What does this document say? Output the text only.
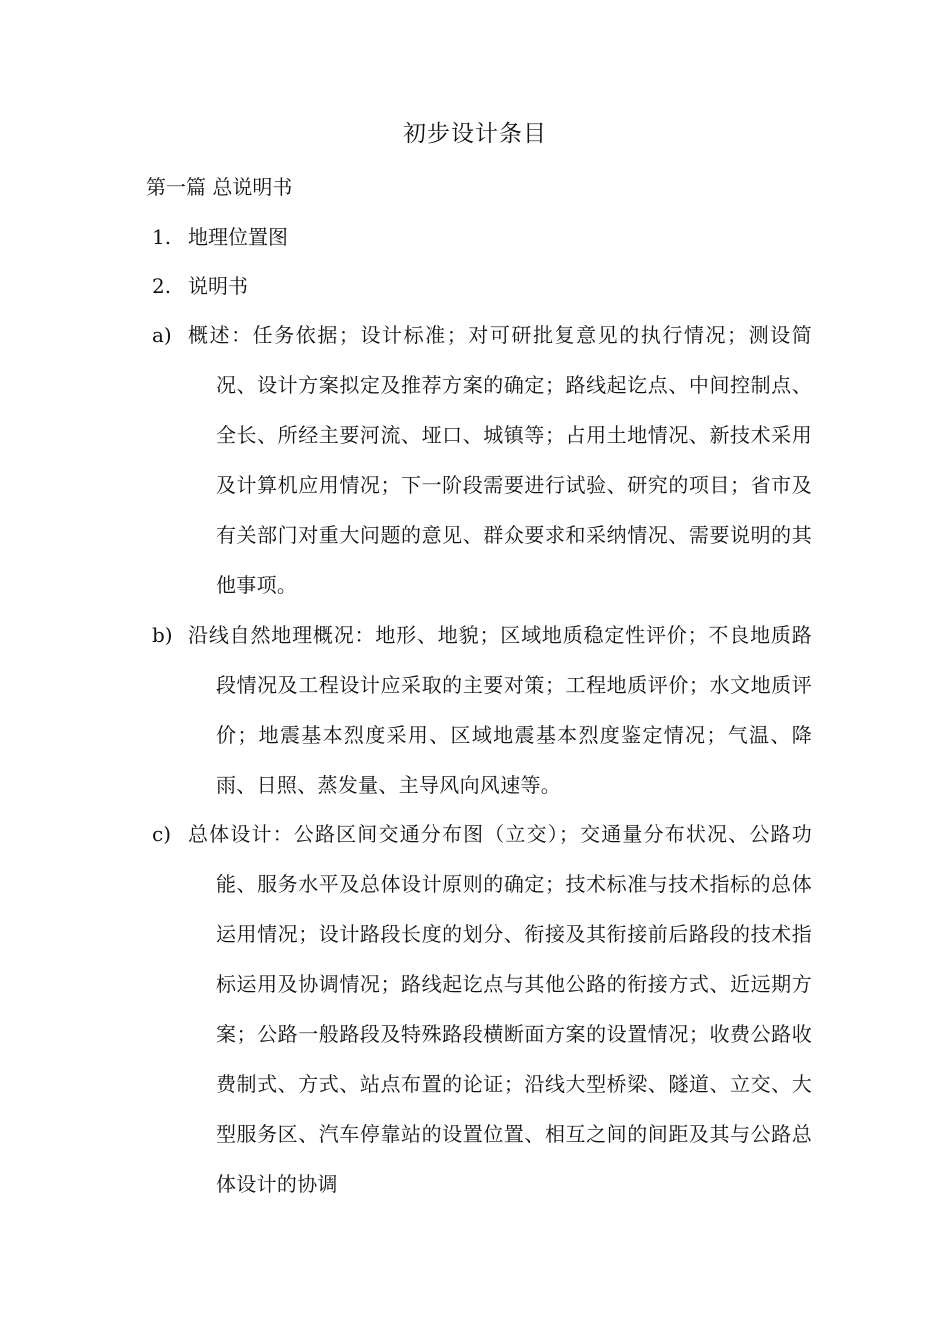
初步设计条目
第一篇 总说明书
1. 地理位置图
2. 说明书
a) 概述：任务依据；设计标准；对可研批复意见的执行情况；测设简况、设计方案拟定及推荐方案的确定；路线起讫点、中间控制点、全长、所经主要河流、垭口、城镇等；占用土地情况、新技术采用及计算机应用情况；下一阶段需要进行试验、研究的项目；省市及有关部门对重大问题的意见、群众要求和采纳情况、需要说明的其他事项。
b) 沿线自然地理概况：地形、地貌；区域地质稳定性评价；不良地质路段情况及工程设计应采取的主要对策；工程地质评价；水文地质评价；地震基本烈度采用、区域地震基本烈度鉴定情况；气温、降雨、日照、蒸发量、主导风向风速等。
c) 总体设计：公路区间交通分布图（立交）；交通量分布状况、公路功能、服务水平及总体设计原则的确定；技术标准与技术指标的总体运用情况；设计路段长度的划分、衔接及其衔接前后路段的技术指标运用及协调情况；路线起讫点与其他公路的衔接方式、近远期方案；公路一般路段及特殊路段横断面方案的设置情况；收费公路收费制式、方式、站点布置的论证；沿线大型桥梁、隧道、立交、大型服务区、汽车停靠站的设置位置、相互之间的间距及其与公路总体设计的协调
